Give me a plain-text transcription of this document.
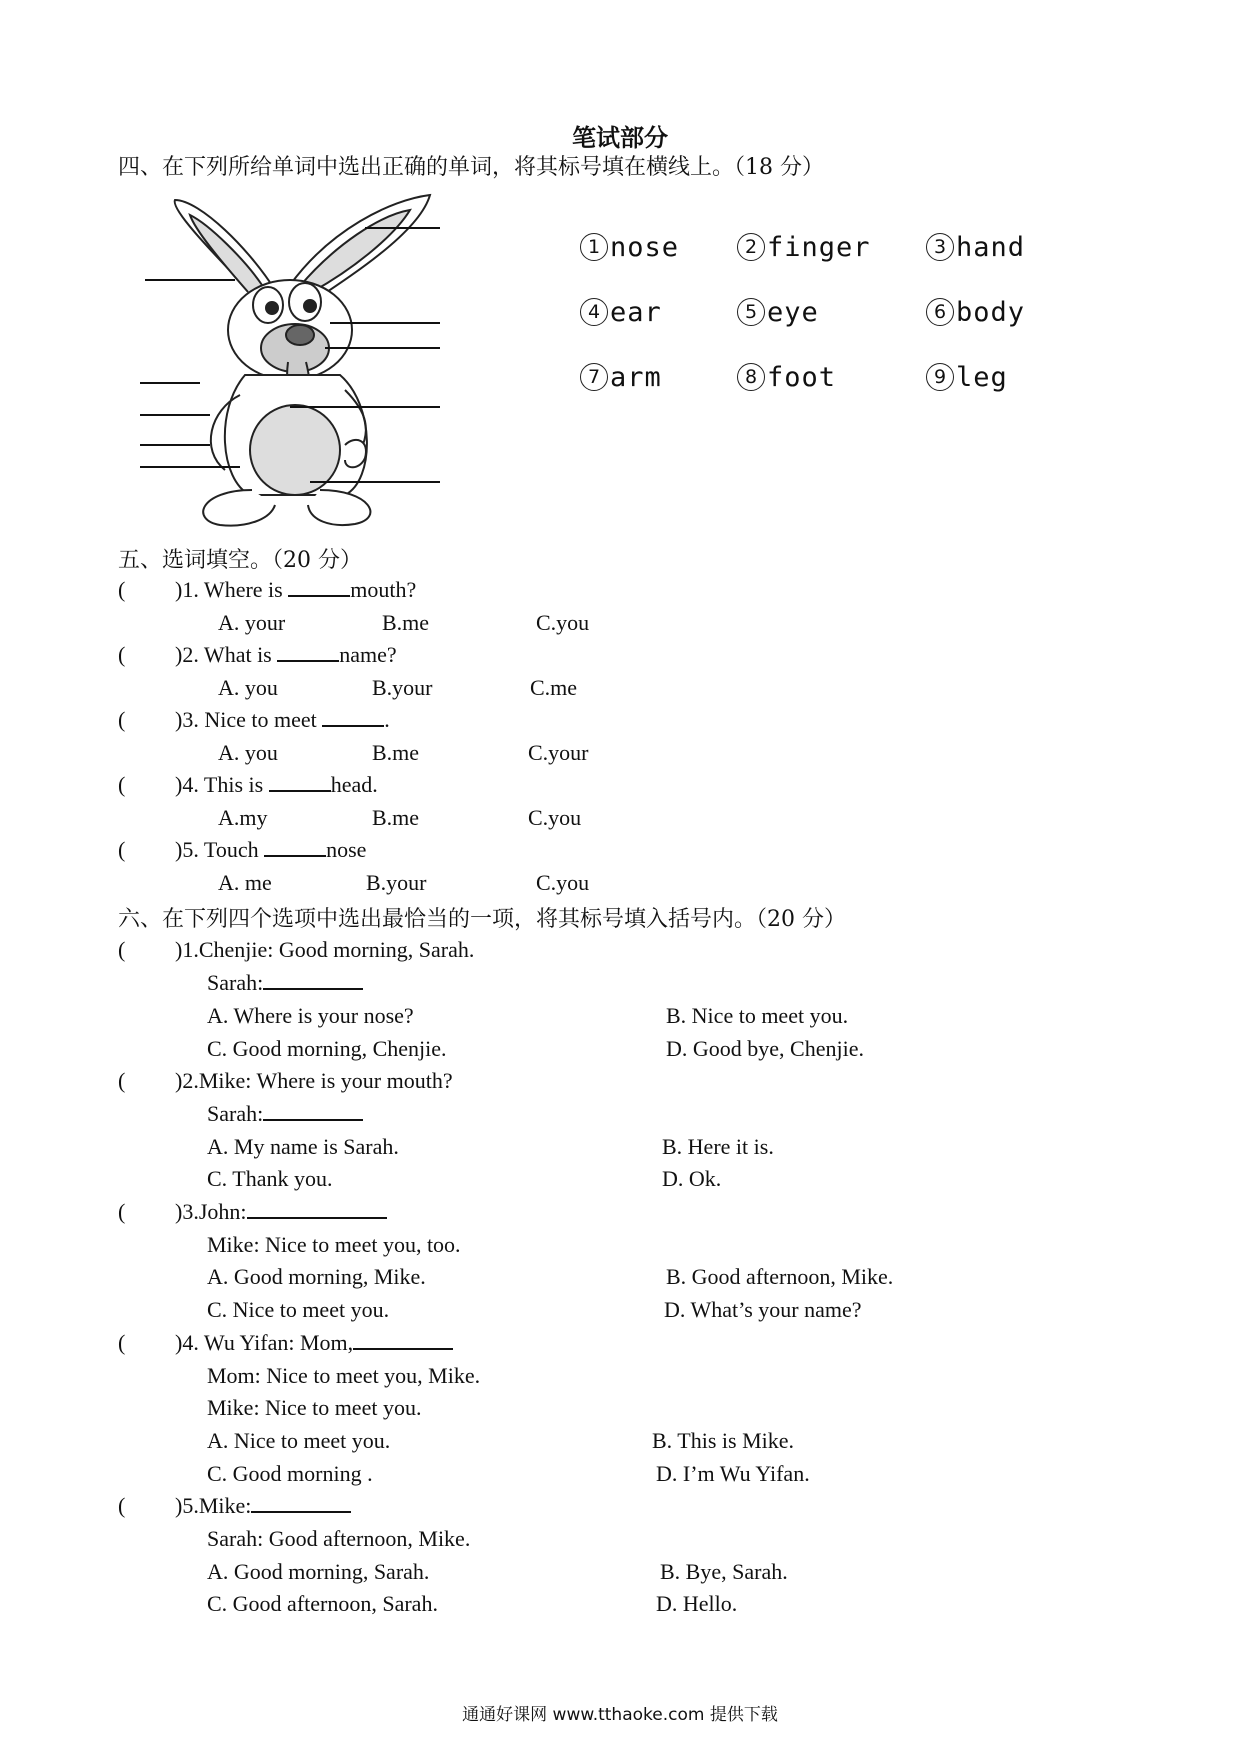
笔试部分
四、在下列所给单词中选出正确的单词，将其标号填在横线上。（18 分）
1 nose	2 finger	3 hand
4 ear	5 eye	6 body
7 arm	8 foot	9 leg
五、选词填空。（20 分）
( )1. Where is	mouth?
A. your	B.me	C.you
( )2. What is	name?
A. you	B.your	C.me
( )3. Nice to meet	.
A. you	B.me	C.your
( )4. This is	head.
A.my	B.me	C.you
( )5. Touch	nose
A. me	B.your	C.you
六、在下列四个选项中选出最恰当的一项，将其标号填入括号内。（20 分）
( )1.Chenjie: Good morning, Sarah.
Sarah:
A. Where is your nose?	B. Nice to meet you.
C. Good morning, Chenjie.	D. Good bye, Chenjie.
( )2.Mike: Where is your mouth?
Sarah:
A. My name is Sarah.	B. Here it is.
C. Thank you.	D. Ok.
( )3.John:
Mike: Nice to meet you, too.
A. Good morning, Mike.	B. Good afternoon, Mike.
C. Nice to meet you.	D. What’s your name?
( )4. Wu Yifan: Mom,
Mom: Nice to meet you, Mike.
Mike: Nice to meet you.
A. Nice to meet you.	B. This is Mike.
C. Good morning .	D. I’m Wu Yifan.
( )5.Mike:
Sarah: Good afternoon, Mike.
A. Good morning, Sarah.	B. Bye, Sarah.
C. Good afternoon, Sarah.	D. Hello.
通通好课网 www.tthaoke.com 提供下载
